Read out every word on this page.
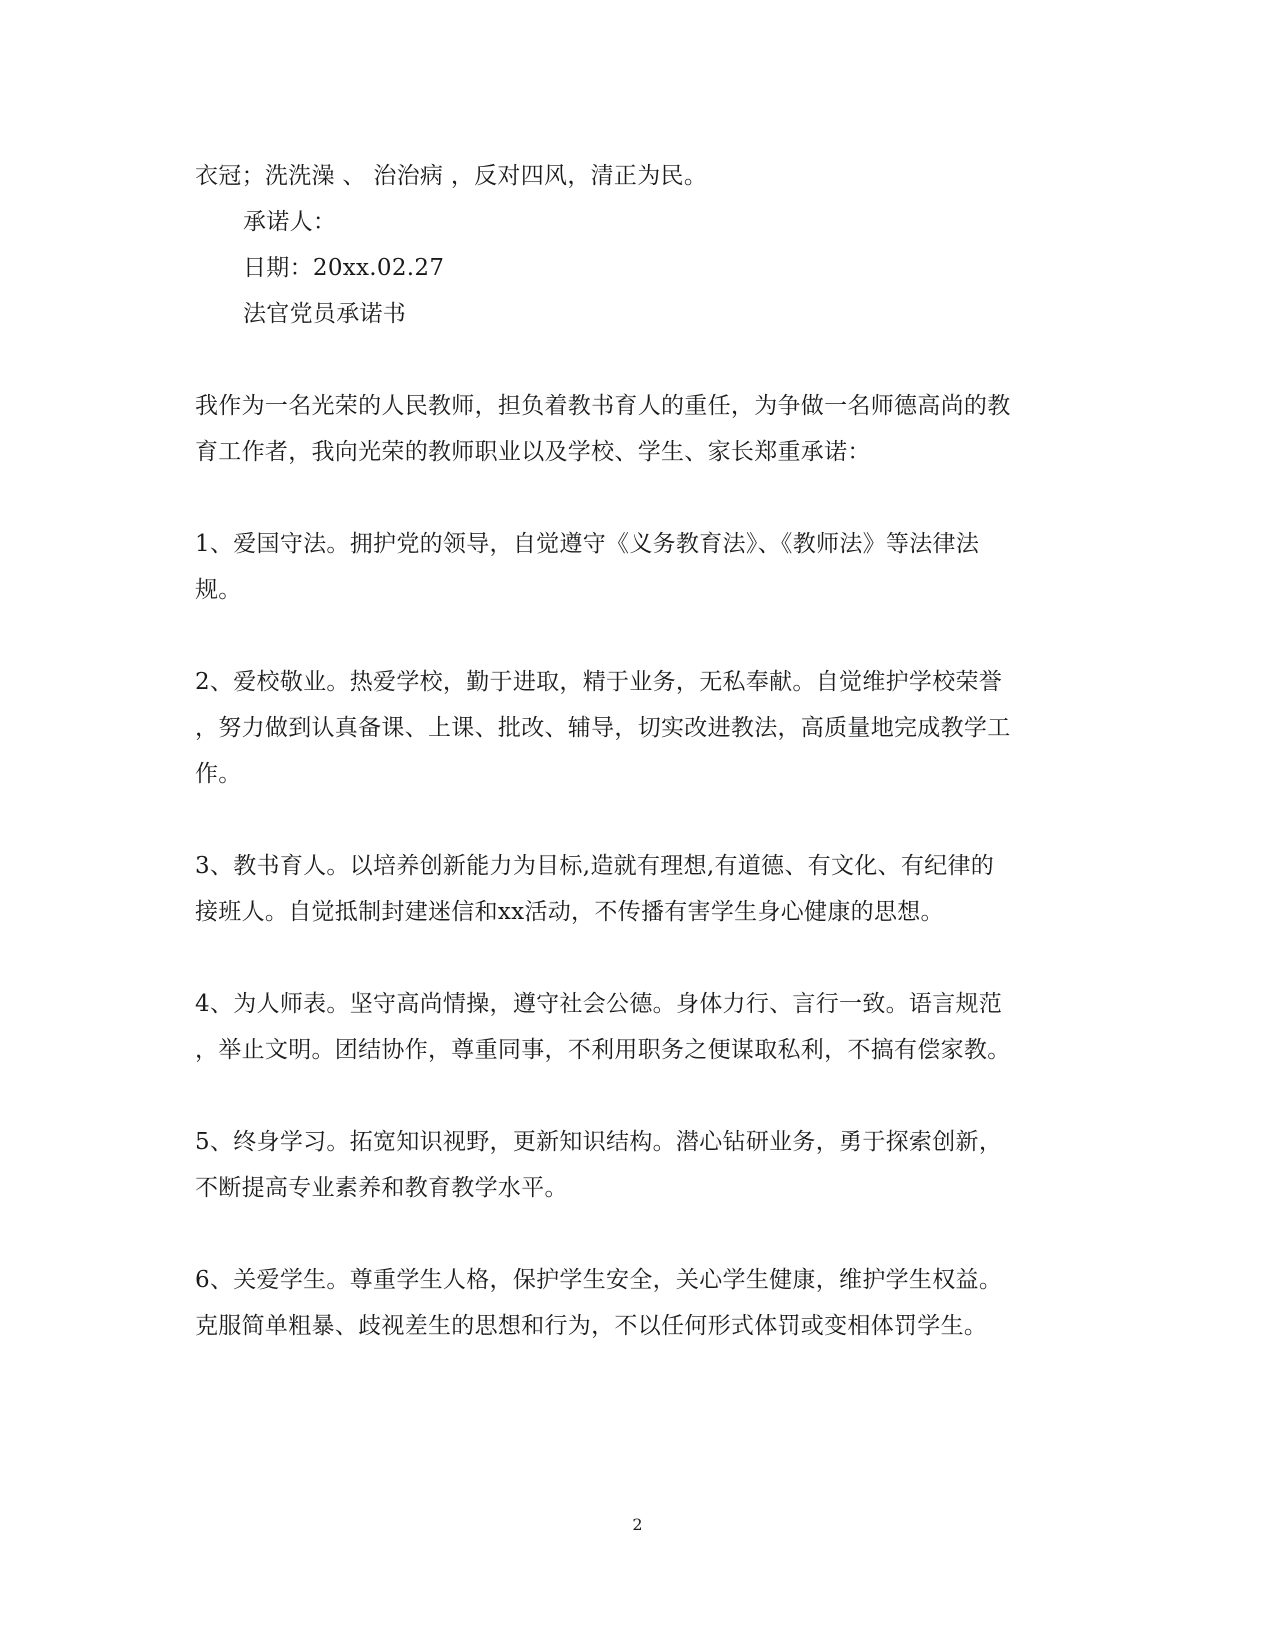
衣冠；洗洗澡 、 治治病 ，反对四风，清正为民。
承诺人：
日期：20xx.02.27
法官党员承诺书
我作为一名光荣的人民教师，担负着教书育人的重任，为争做一名师德高尚的教
育工作者，我向光荣的教师职业以及学校、学生、家长郑重承诺：
1、爱国守法。拥护党的领导，自觉遵守《义务教育法》、《教师法》等法律法
规。
2、爱校敬业。热爱学校，勤于进取，精于业务，无私奉献。自觉维护学校荣誉
，努力做到认真备课、上课、批改、辅导，切实改进教法，高质量地完成教学工
作。
3、教书育人。以培养创新能力为目标,造就有理想,有道德、有文化、有纪律的
接班人。自觉抵制封建迷信和xx活动，不传播有害学生身心健康的思想。
4、为人师表。坚守高尚情操，遵守社会公德。身体力行、言行一致。语言规范
，举止文明。团结协作，尊重同事，不利用职务之便谋取私利，不搞有偿家教。
5、终身学习。拓宽知识视野，更新知识结构。潜心钻研业务，勇于探索创新，
不断提高专业素养和教育教学水平。
6、关爱学生。尊重学生人格，保护学生安全，关心学生健康，维护学生权益。
克服简单粗暴、歧视差生的思想和行为，不以任何形式体罚或变相体罚学生。
2
